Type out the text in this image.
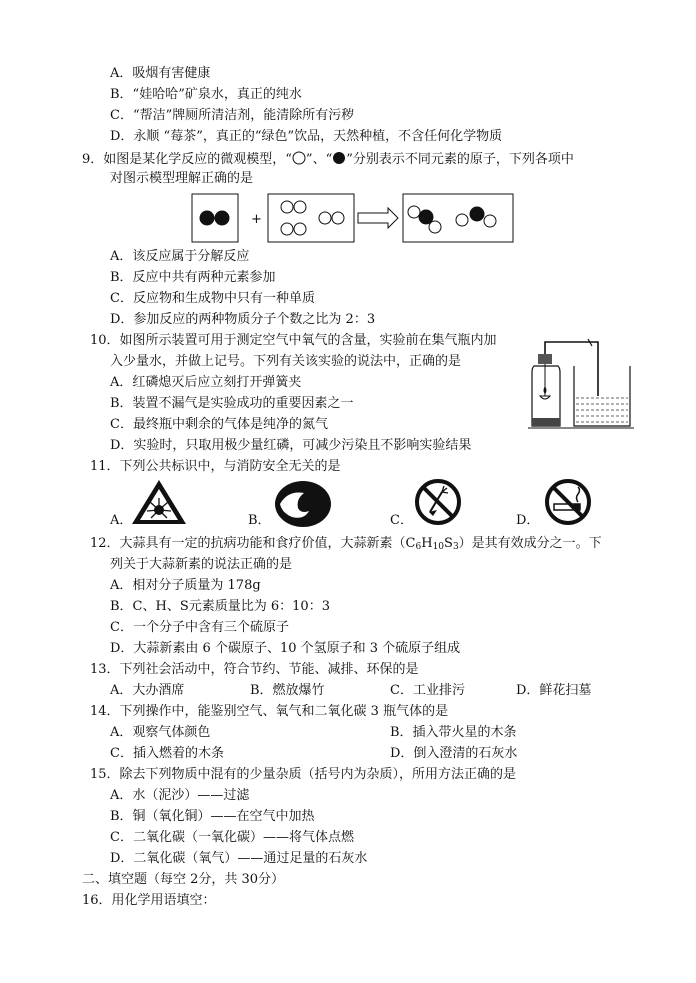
A．吸烟有害健康
B．“娃哈哈”矿泉水，真正的纯水
C．“帮洁”牌厕所清洁剂，能清除所有污秽
D．永顺 “莓茶”，真正的“绿色”饮品，天然种植，不含任何化学物质
9．如图是某化学反应的微观模型，“ ”、“ ”分别表示不同元素的原子，下列各项中
对图示模型理解正确的是
+
A．该反应属于分解反应
B．反应中共有两种元素参加
C．反应物和生成物中只有一种单质
D．参加反应的两种物质分子个数之比为 2：3
10．如图所示装置可用于测定空气中氧气的含量，实验前在集气瓶内加
入少量水，并做上记号。下列有关该实验的说法中，正确的是
A．红磷熄灭后应立刻打开弹簧夹
B．装置不漏气是实验成功的重要因素之一
C．最终瓶中剩余的气体是纯净的氮气
D．实验时，只取用极少量红磷，可减少污染且不影响实验结果
11．下列公共标识中，与消防安全无关的是
A．	B．	C．	D．
12．大蒜具有一定的抗病功能和食疗价值，大蒜新素$(C_6H_{10}S_3)$是其有效成分之一。下
列关于大蒜新素的说法正确的是
A．相对分子质量为 178g
B．C、H、S元素质量比为 6：10：3
C．一个分子中含有三个硫原子
D．大蒜新素由 6 个碳原子、10 个氢原子和 3 个硫原子组成
13．下列社会活动中，符合节约、节能、减排、环保的是
A．大办酒席	B．燃放爆竹	C．工业排污	D．鲜花扫墓
14．下列操作中，能鉴别空气、氧气和二氧化碳 3 瓶气体的是
A．观察气体颜色	B．插入带火星的木条
C．插入燃着的木条	D．倒入澄清的石灰水
15．除去下列物质中混有的少量杂质（括号内为杂质），所用方法正确的是
A．水（泥沙）——过滤
B．铜（氧化铜）——在空气中加热
C．二氧化碳（一氧化碳）——将气体点燃
D．二氧化碳（氧气）——通过足量的石灰水
二、填空题（每空 2分，共 30分）
16．用化学用语填空：
